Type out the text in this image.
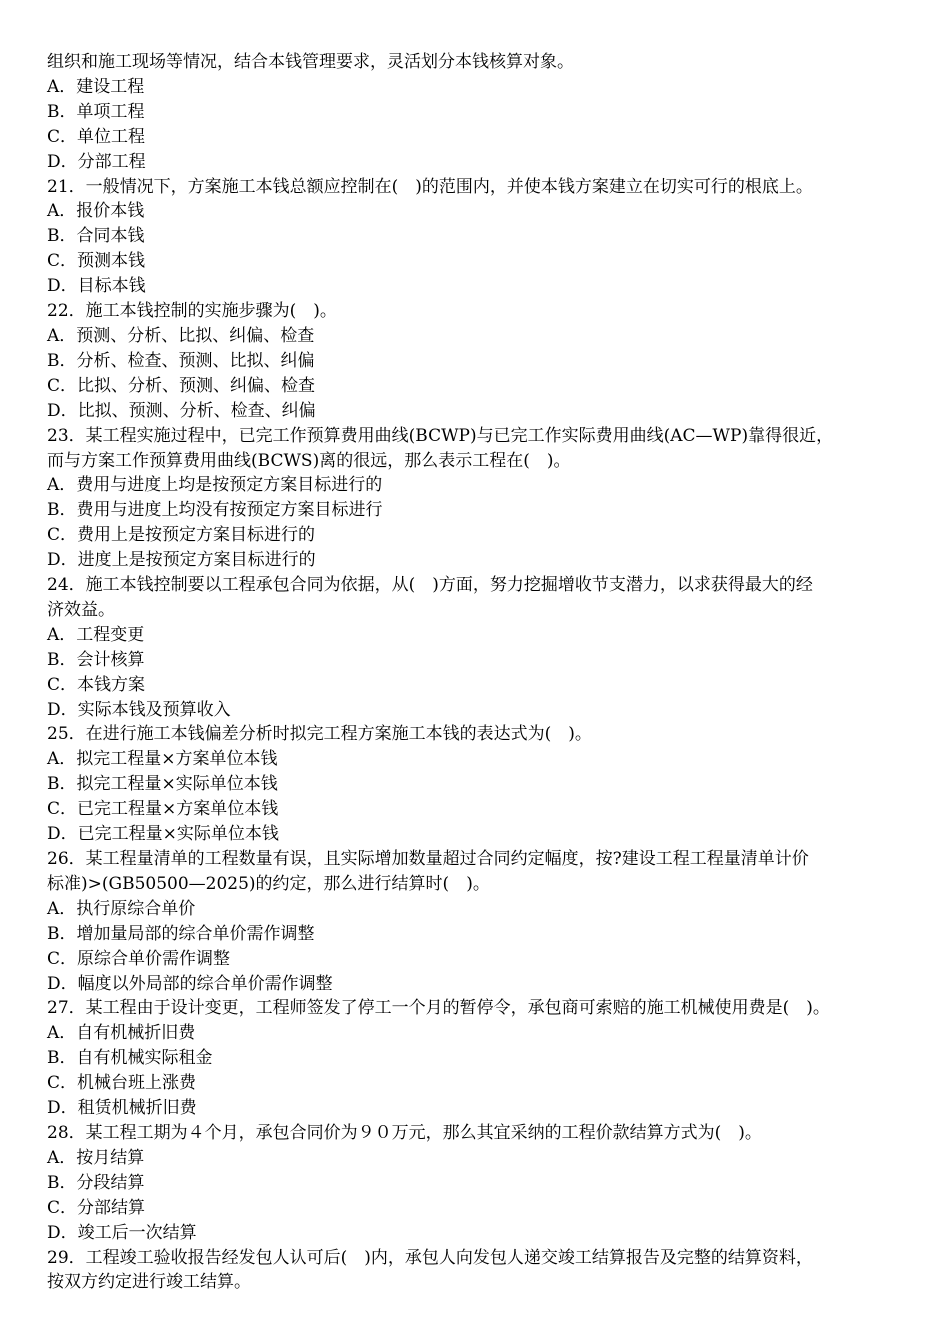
组织和施工现场等情况，结合本钱管理要求，灵活划分本钱核算对象。
A．建设工程
B．单项工程
C．单位工程
D．分部工程
21．一般情况下，方案施工本钱总额应控制在(　)的范围内，并使本钱方案建立在切实可行的根底上。
A．报价本钱
B．合同本钱
C．预测本钱
D．目标本钱
22．施工本钱控制的实施步骤为(　)。
A．预测、分析、比拟、纠偏、检查
B．分析、检查、预测、比拟、纠偏
C．比拟、分析、预测、纠偏、检查
D．比拟、预测、分析、检查、纠偏
23．某工程实施过程中，已完工作预算费用曲线(BCWP)与已完工作实际费用曲线(AC—WP)靠得很近，
而与方案工作预算费用曲线(BCWS)离的很远，那么表示工程在(　)。
A．费用与进度上均是按预定方案目标进行的
B．费用与进度上均没有按预定方案目标进行
C．费用上是按预定方案目标进行的
D．进度上是按预定方案目标进行的
24．施工本钱控制要以工程承包合同为依据，从(　)方面，努力挖掘增收节支潜力，以求获得最大的经
济效益。
A．工程变更
B．会计核算
C．本钱方案
D．实际本钱及预算收入
25．在进行施工本钱偏差分析时拟完工程方案施工本钱的表达式为(　)。
A．拟完工程量×方案单位本钱
B．拟完工程量×实际单位本钱
C．已完工程量×方案单位本钱
D．已完工程量×实际单位本钱
26．某工程量清单的工程数量有误，且实际增加数量超过合同约定幅度，按?建设工程工程量清单计价
标准)>(GB50500—2025)的约定，那么进行结算时(　)。
A．执行原综合单价
B．增加量局部的综合单价需作调整
C．原综合单价需作调整
D．幅度以外局部的综合单价需作调整
27．某工程由于设计变更，工程师签发了停工一个月的暂停令，承包商可索赔的施工机械使用费是(　)。
A．自有机械折旧费
B．自有机械实际租金
C．机械台班上涨费
D．租赁机械折旧费
28．某工程工期为４个月，承包合同价为９０万元，那么其宜采纳的工程价款结算方式为(　)。
A．按月结算
B．分段结算
C．分部结算
D．竣工后一次结算
29．工程竣工验收报告经发包人认可后(　)内，承包人向发包人递交竣工结算报告及完整的结算资料，
按双方约定进行竣工结算。
